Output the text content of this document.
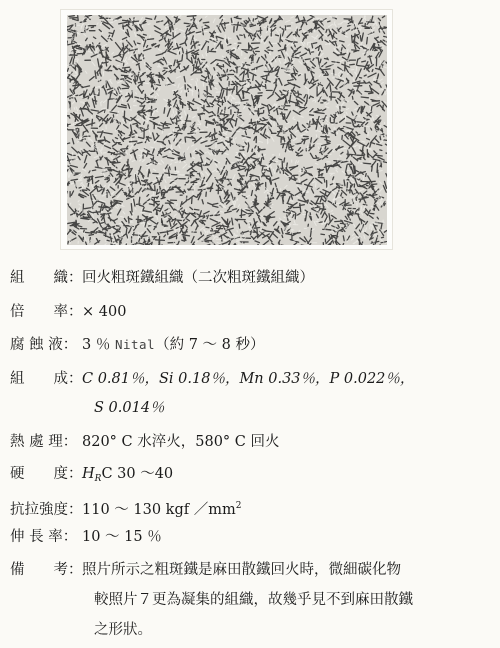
組　　織：回火粗斑鐵組織（二次粗斑鐵組織）
倍　　率：× 400
腐 蝕 液： 3 ％ Nital（約 7 〜 8 秒）
組　　成：C 0.81％，Si 0.18％，Mn 0.33％，P 0.022％，
S 0.014％
熱 處 理： 820° C 水淬火，580° C 回火
硬　　度：$H_RC$ 30 〜40
抗拉強度：110 〜 130 kgf $/mm^2$
伸 長 率： 10 〜 15 ％
備　　考：照片所示之粗斑鐵是麻田散鐵回火時，微細碳化物
較照片７更為凝集的組織，故幾乎見不到麻田散鐵
之形狀。
